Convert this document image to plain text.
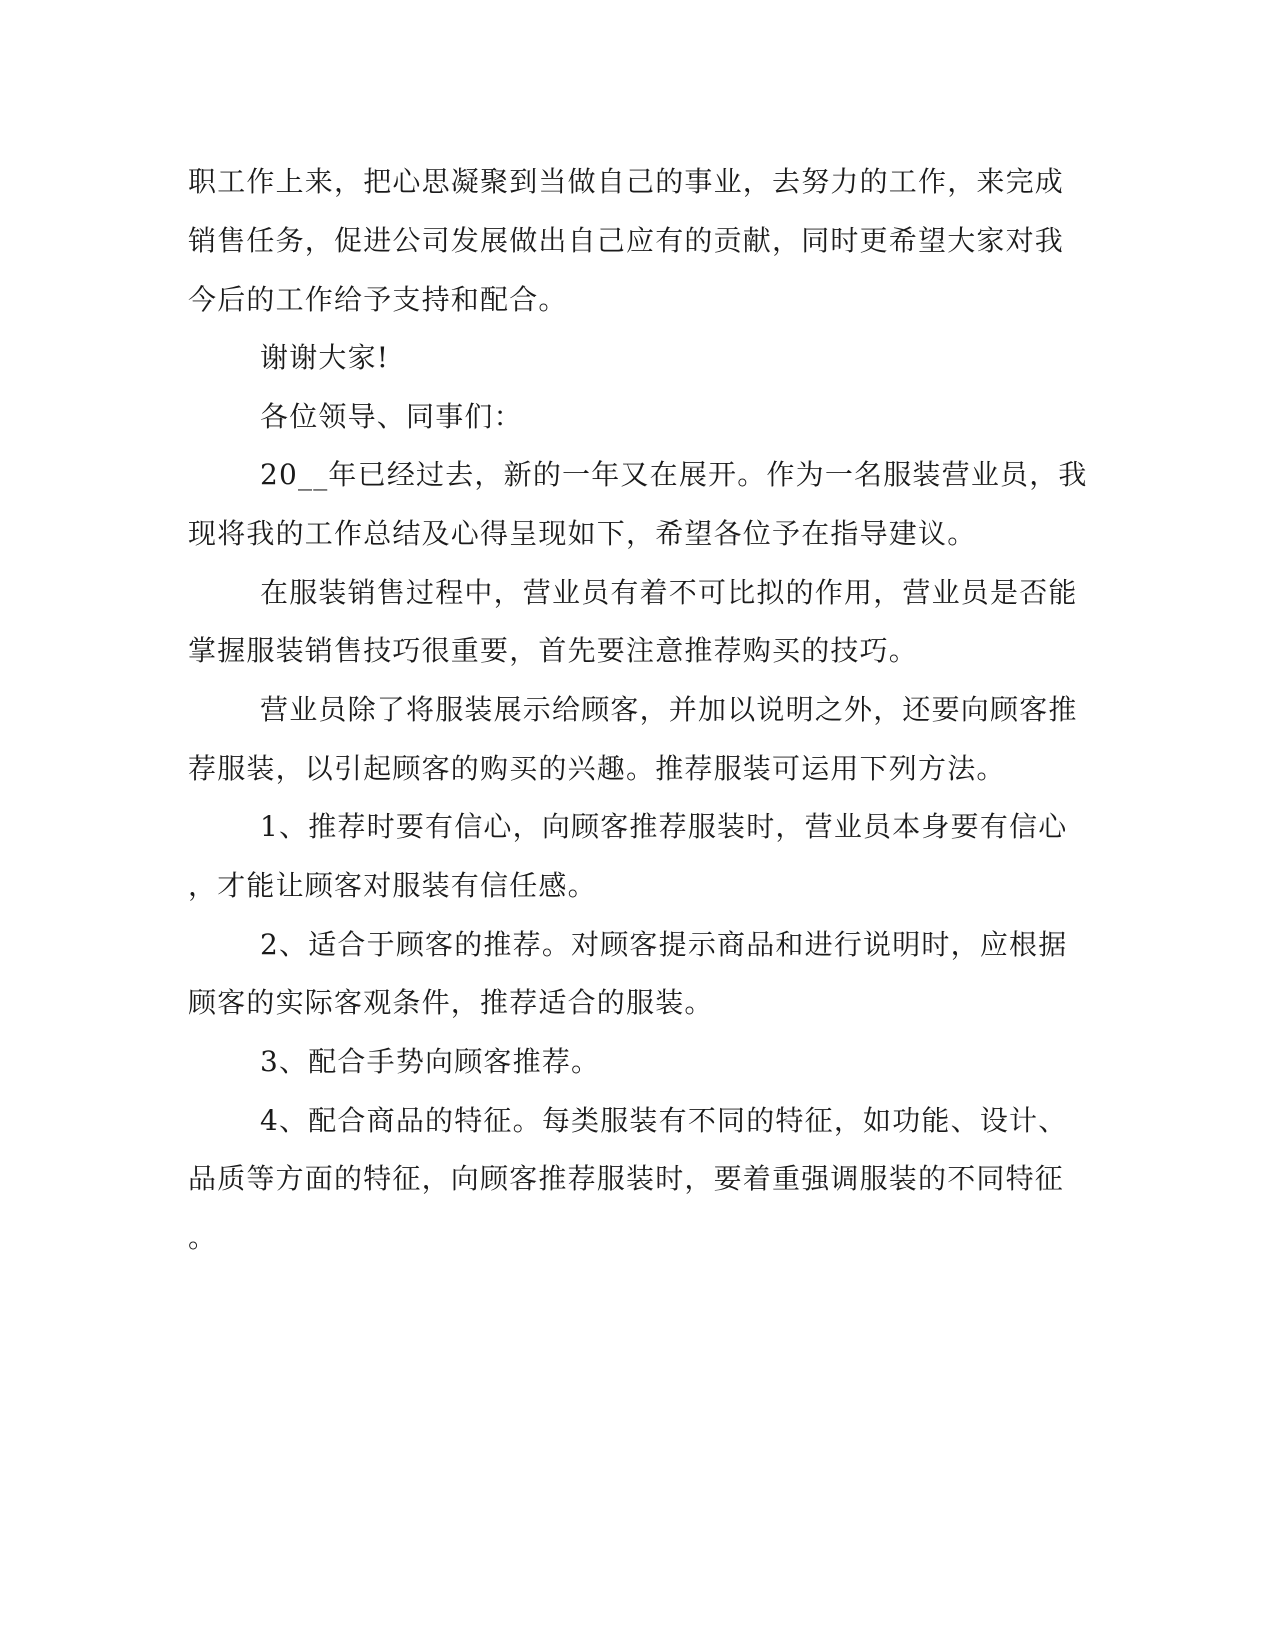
职工作上来，把心思凝聚到当做自己的事业，去努力的工作，来完成
销售任务，促进公司发展做出自己应有的贡献，同时更希望大家对我
今后的工作给予支持和配合。
谢谢大家!
各位领导、同事们：
20__年已经过去，新的一年又在展开。作为一名服装营业员，我
现将我的工作总结及心得呈现如下，希望各位予在指导建议。
在服装销售过程中，营业员有着不可比拟的作用，营业员是否能
掌握服装销售技巧很重要，首先要注意推荐购买的技巧。
营业员除了将服装展示给顾客，并加以说明之外，还要向顾客推
荐服装，以引起顾客的购买的兴趣。推荐服装可运用下列方法。
1、推荐时要有信心，向顾客推荐服装时，营业员本身要有信心
，才能让顾客对服装有信任感。
2、适合于顾客的推荐。对顾客提示商品和进行说明时，应根据
顾客的实际客观条件，推荐适合的服装。
3、配合手势向顾客推荐。
4、配合商品的特征。每类服装有不同的特征，如功能、设计、
品质等方面的特征，向顾客推荐服装时，要着重强调服装的不同特征
。
